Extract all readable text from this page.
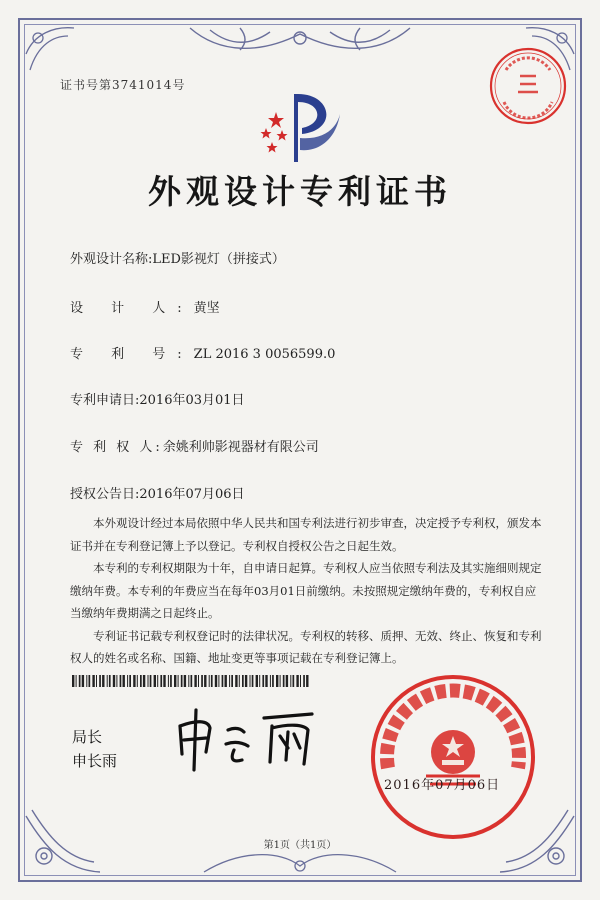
证书号第3741014号
外观设计专利证书
外观设计名称:LED影视灯（拼接式）
设 计 人:黄坚
专 利 号:ZL 2016 3 0056599.0
专利申请日:2016年03月01日
专 利 权 人:余姚利帅影视器材有限公司
授权公告日:2016年07月06日

本外观设计经过本局依照中华人民共和国专利法进行初步审查，决定授予专利权，颁发本证书并在专利登记簿上予以登记。专利权自授权公告之日起生效。

本专利的专利权期限为十年，自申请日起算。专利权人应当依照专利法及其实施细则规定缴纳年费。本专利的年费应当在每年03月01日前缴纳。未按照规定缴纳年费的，专利权自应当缴纳年费期满之日起终止。

专利证书记载专利权登记时的法律状况。专利权的转移、质押、无效、终止、恢复和专利权人的姓名或名称、国籍、地址变更等事项记载在专利登记簿上。

局长
申长雨
2016年07月06日
第1页（共1页）
